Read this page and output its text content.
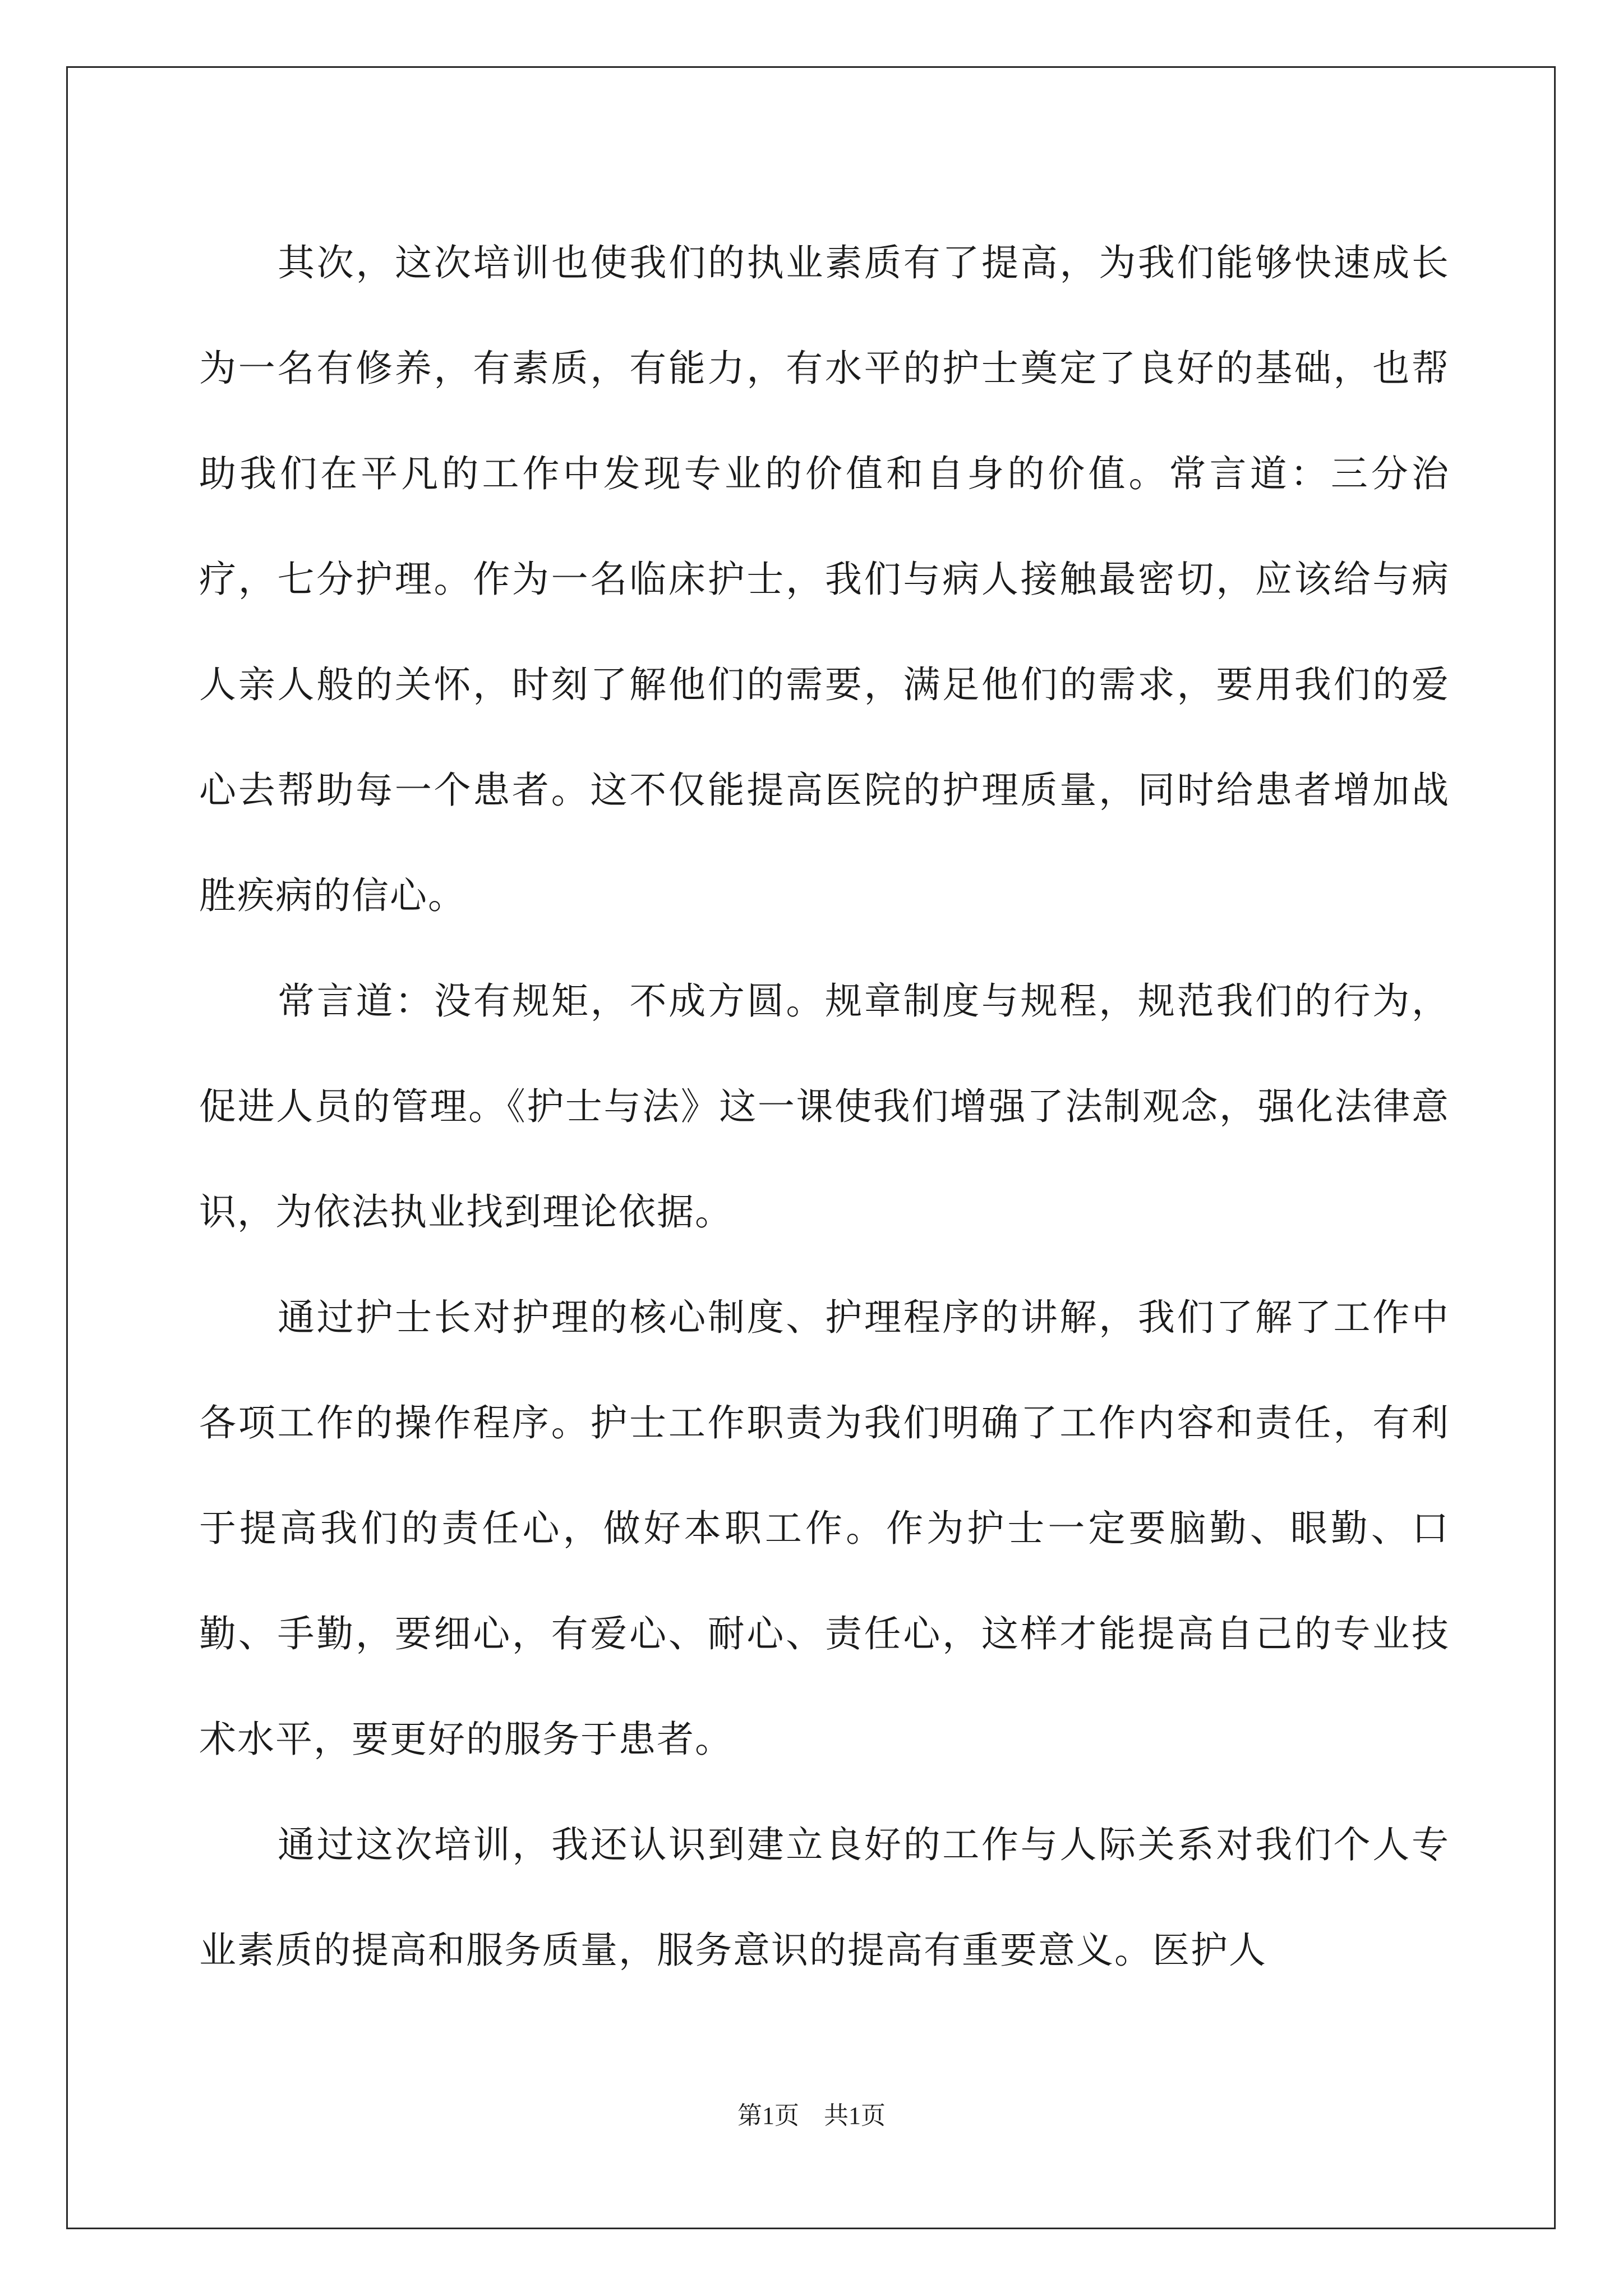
其次，这次培训也使我们的执业素质有了提高，为我们能够快速成长为一名有修养，有素质，有能力，有水平的护士奠定了良好的基础，也帮助我们在平凡的工作中发现专业的价值和自身的价值。常言道：三分治疗，七分护理。作为一名临床护士，我们与病人接触最密切，应该给与病人亲人般的关怀，时刻了解他们的需要，满足他们的需求，要用我们的爱心去帮助每一个患者。这不仅能提高医院的护理质量，同时给患者增加战胜疾病的信心。

常言道：没有规矩，不成方圆。规章制度与规程，规范我们的行为，促进人员的管理。《护士与法》这一课使我们增强了法制观念，强化法律意识，为依法执业找到理论依据。

通过护士长对护理的核心制度、护理程序的讲解，我们了解了工作中各项工作的操作程序。护士工作职责为我们明确了工作内容和责任，有利于提高我们的责任心，做好本职工作。作为护士一定要脑勤、眼勤、口勤、手勤，要细心，有爱心、耐心、责任心，这样才能提高自己的专业技术水平，要更好的服务于患者。

通过这次培训，我还认识到建立良好的工作与人际关系对我们个人专业素质的提高和服务质量，服务意识的提高有重要意义。医护人

第1页　共1页
